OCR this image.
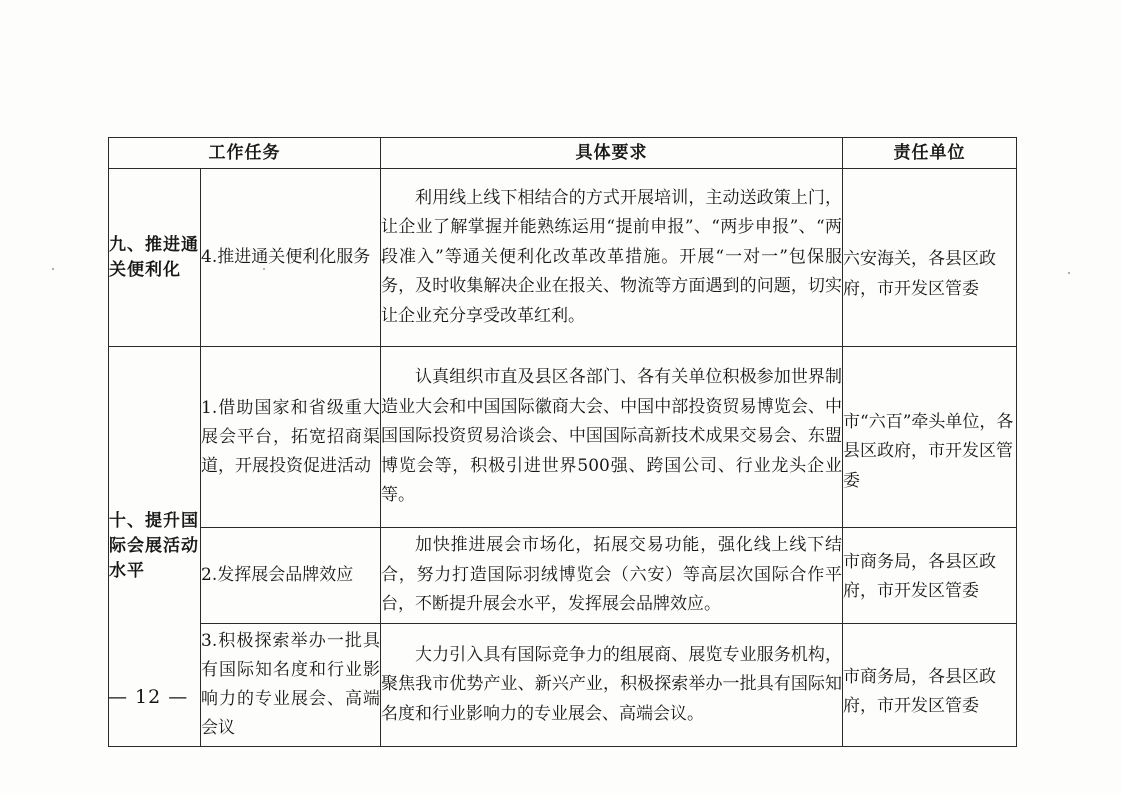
工作任务		具体要求	责任单位
九、推进通关便利化	4.推进通关便利化服务	利用线上线下相结合的方式开展培训，主动送政策上门，让企业了解掌握并能熟练运用“提前申报”、“两步申报”、“两段准入”等通关便利化改革改革措施。开展“一对一”包保服务，及时收集解决企业在报关、物流等方面遇到的问题，切实让企业充分享受改革红利。	六安海关，各县区政府，市开发区管委
十、提升国际会展活动水平	1.借助国家和省级重大展会平台，拓宽招商渠道，开展投资促进活动	认真组织市直及县区各部门、各有关单位积极参加世界制造业大会和中国国际徽商大会、中国中部投资贸易博览会、中国国际投资贸易洽谈会、中国国际高新技术成果交易会、东盟博览会等，积极引进世界500强、跨国公司、行业龙头企业等。	市“六百”牵头单位，各县区政府，市开发区管委
	2.发挥展会品牌效应	加快推进展会市场化，拓展交易功能，强化线上线下结合，努力打造国际羽绒博览会（六安）等高层次国际合作平台，不断提升展会水平，发挥展会品牌效应。	市商务局，各县区政府，市开发区管委
	3.积极探索举办一批具有国际知名度和行业影响力的专业展会、高端会议	大力引入具有国际竞争力的组展商、展览专业服务机构，聚焦我市优势产业、新兴产业，积极探索举办一批具有国际知名度和行业影响力的专业展会、高端会议。	市商务局，各县区政府，市开发区管委
— 12 —
